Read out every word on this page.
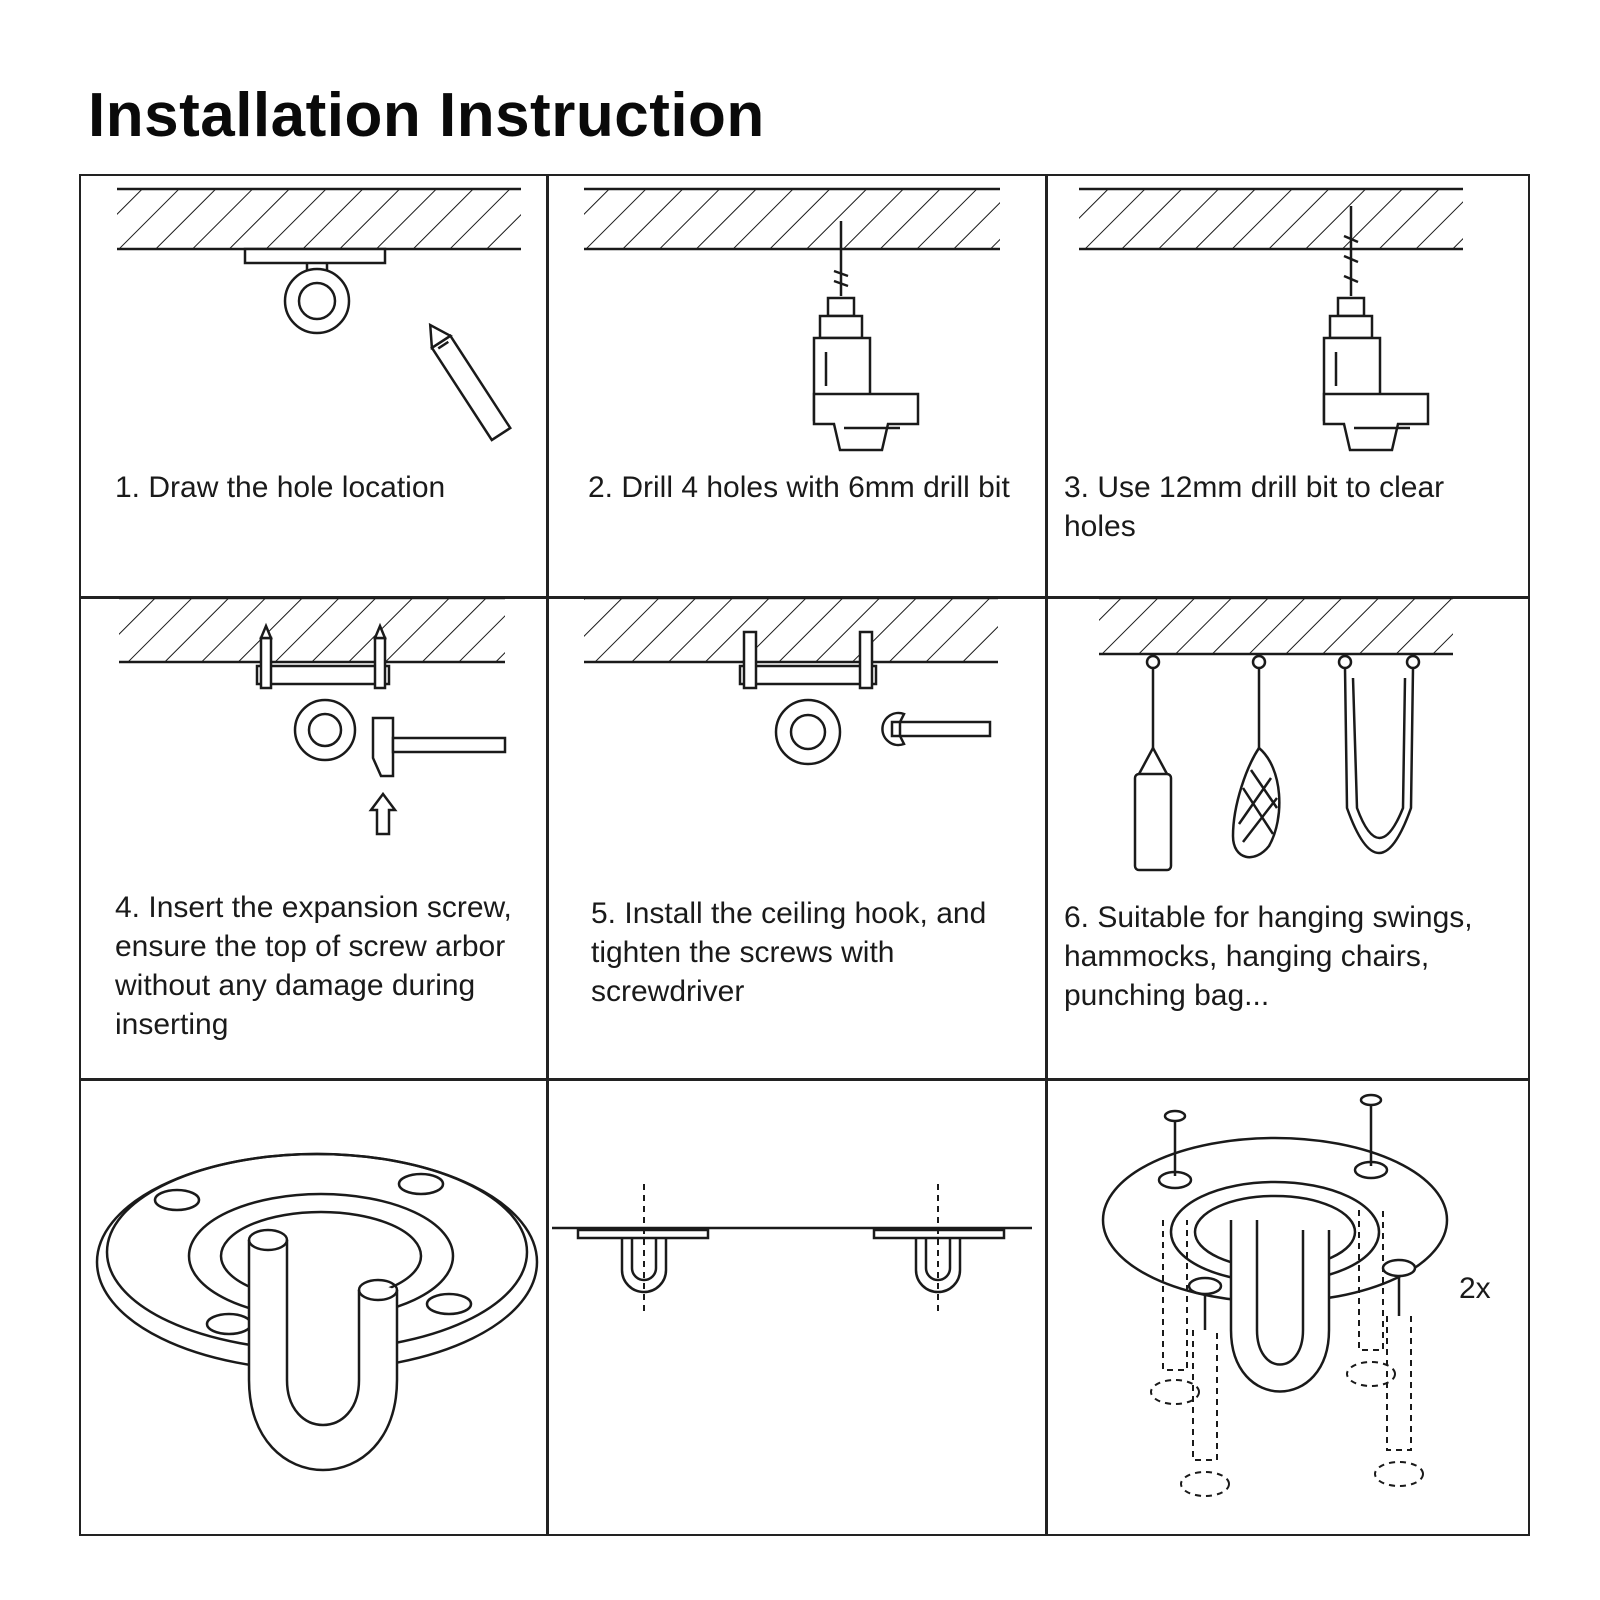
Installation Instruction
1. Draw the hole location	2. Drill 4 holes with 6mm drill bit	3. Use 12mm drill bit to clear holes
4. Insert the expansion screw, ensure the top of screw arbor without any damage during inserting
5. Install the ceiling hook, and tighten the screws with screwdriver
6. Suitable for hanging swings, hammocks, hanging chairs, punching bag...
2x
